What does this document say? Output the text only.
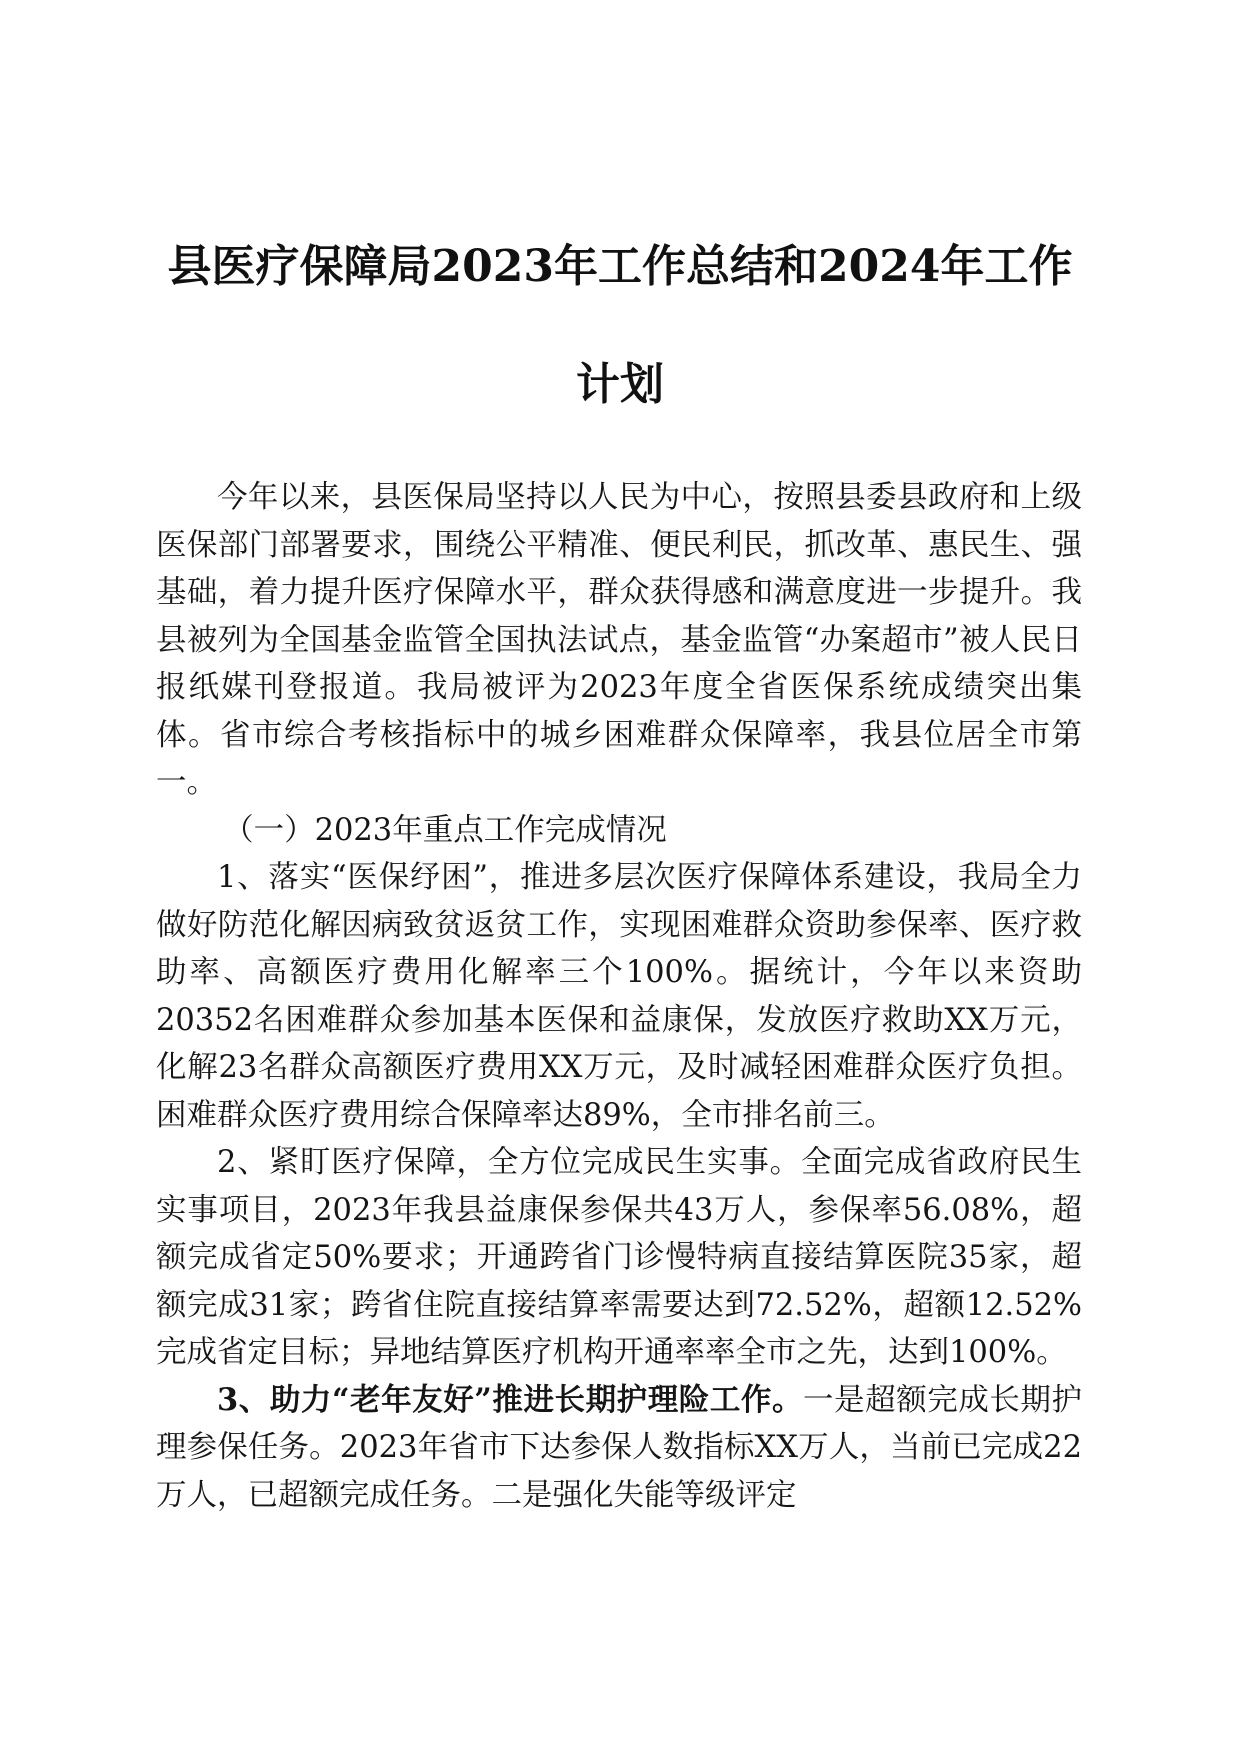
县医疗保障局2023年工作总结和2024年工作
计划

今年以来，县医保局坚持以人民为中心，按照县委县政府和上级医保部门部署要求，围绕公平精准、便民利民，抓改革、惠民生、强基础，着力提升医疗保障水平，群众获得感和满意度进一步提升。我县被列为全国基金监管全国执法试点，基金监管“办案超市”被人民日报纸媒刊登报道。我局被评为2023年度全省医保系统成绩突出集体。省市综合考核指标中的城乡困难群众保障率，我县位居全市第一。

（一）2023年重点工作完成情况

1、落实“医保纾困”，推进多层次医疗保障体系建设，我局全力做好防范化解因病致贫返贫工作，实现困难群众资助参保率、医疗救助率、高额医疗费用化解率三个100%。据统计，今年以来资助20352名困难群众参加基本医保和益康保，发放医疗救助XX万元，化解23名群众高额医疗费用XX万元，及时减轻困难群众医疗负担。困难群众医疗费用综合保障率达89%，全市排名前三。

2、紧盯医疗保障，全方位完成民生实事。全面完成省政府民生实事项目，2023年我县益康保参保共43万人，参保率56.08%，超额完成省定50%要求；开通跨省门诊慢特病直接结算医院35家，超额完成31家；跨省住院直接结算率需要达到72.52%，超额12.52%完成省定目标；异地结算医疗机构开通率率全市之先，达到100%。

3、助力“老年友好”推进长期护理险工作。一是超额完成长期护理参保任务。2023年省市下达参保人数指标XX万人，当前已完成22万人，已超额完成任务。二是强化失能等级评定
